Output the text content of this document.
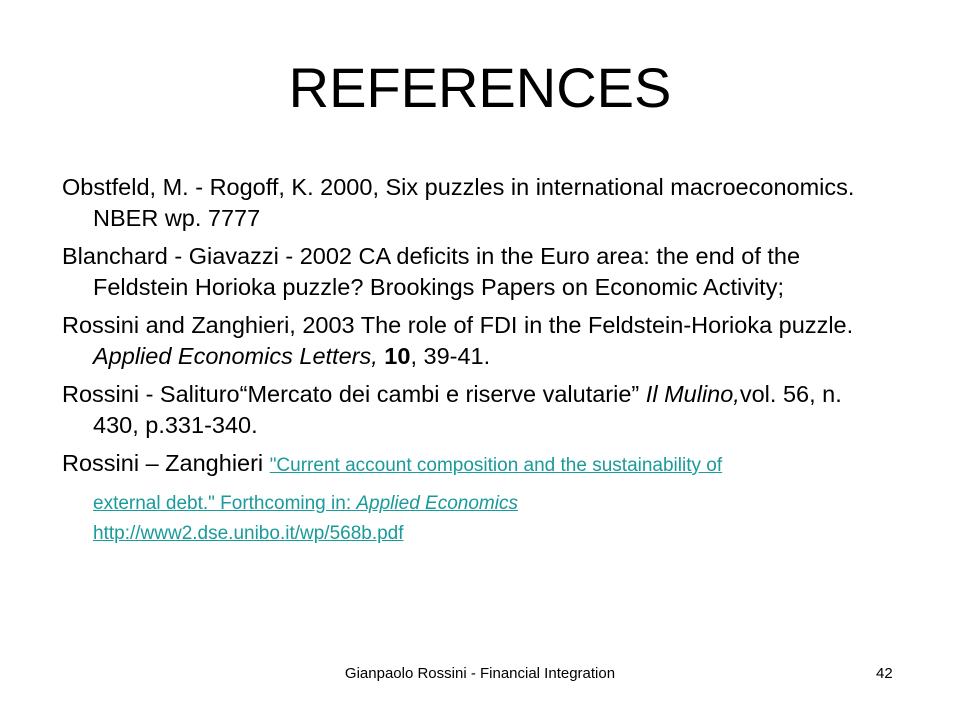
REFERENCES
Obstfeld, M. - Rogoff, K. 2000, Six puzzles in international macroeconomics. NBER wp. 7777
Blanchard - Giavazzi - 2002 CA deficits in the Euro area: the end of the Feldstein Horioka puzzle? Brookings Papers on Economic Activity;
Rossini and Zanghieri, 2003 The role of FDI in the Feldstein-Horioka puzzle. Applied Economics Letters, 10, 39-41.
Rossini - Salituro“Mercato dei cambi e riserve valutarie” Il Mulino,vol. 56, n. 430, p.331-340.
Rossini – Zanghieri "Current account composition and the sustainability of
external debt." Forthcoming in: Applied Economics
http://www2.dse.unibo.it/wp/568b.pdf
Gianpaolo Rossini - Financial Integration	42
